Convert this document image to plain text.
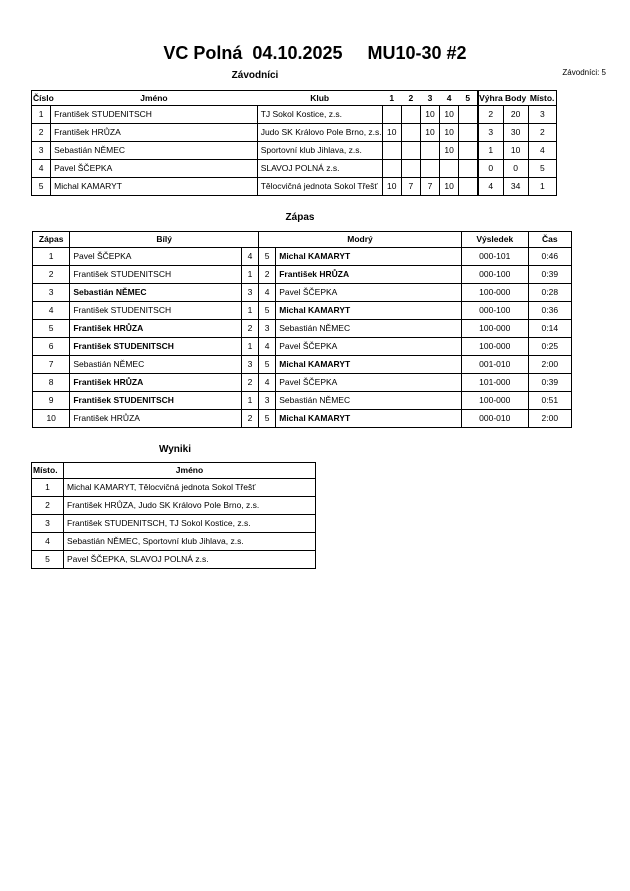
VC Polná  04.10.2025     MU10-30 #2
Závodníci: 5
Závodníci
Číslo	Jméno	Klub	1	2	3	4	5	Výhra	Body	Místo.
1	František STUDENITSCH	TJ Sokol Kostice, z.s.			10	10		2	20	3
2	František HRŮZA	Judo SK Královo Pole Brno, z.s.	10		10	10		3	30	2
3	Sebastián NĚMEC	Sportovní klub Jihlava, z.s.				10		1	10	4
4	Pavel ŠČEPKA	SLAVOJ POLNÁ z.s.						0	0	5
5	Michal KAMARYT	Tělocvičná jednota Sokol Třešť	10	7	7	10		4	34	1
Zápas
Zápas	Bílý		Modrý		Výsledek	Čas
1	Pavel ŠČEPKA	4	5	Michal KAMARYT	000-101	0:46
2	František STUDENITSCH	1	2	František HRŮZA	000-100	0:39
3	Sebastián NĚMEC	3	4	Pavel ŠČEPKA	100-000	0:28
4	František STUDENITSCH	1	5	Michal KAMARYT	000-100	0:36
5	František HRŮZA	2	3	Sebastián NĚMEC	100-000	0:14
6	František STUDENITSCH	1	4	Pavel ŠČEPKA	100-000	0:25
7	Sebastián NĚMEC	3	5	Michal KAMARYT	001-010	2:00
8	František HRŮZA	2	4	Pavel ŠČEPKA	101-000	0:39
9	František STUDENITSCH	1	3	Sebastián NĚMEC	100-000	0:51
10	František HRŮZA	2	5	Michal KAMARYT	000-010	2:00
Wyniki
Místo.	Jméno
1	Michal KAMARYT, Tělocvičná jednota Sokol Třešť
2	František HRŮZA, Judo SK Královo Pole Brno, z.s.
3	František STUDENITSCH, TJ Sokol Kostice, z.s.
4	Sebastián NĚMEC, Sportovní klub Jihlava, z.s.
5	Pavel ŠČEPKA, SLAVOJ POLNÁ z.s.
